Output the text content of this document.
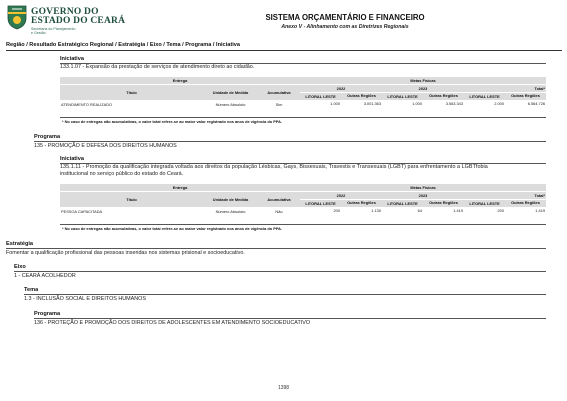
GOVERNO DO
ESTADO DO CEARÁ
Secretaria do Planejamento
e Gestão
SISTEMA ORÇAMENTÁRIO E FINANCEIRO
Anexo V - Alinhamento com as Diretrizes Regionais
Região / Resultado Estratégico Regional / Estratégia / Eixo / Tema / Programa / Iniciativa
Iniciativa
133.1.07 - Expansão da prestação de serviços de atendimento direto ao cidadão.
Entrega			Metas Físicas					
Título	Unidade de Medida	Acumulativa	2022		2023		Total*	
			LITORAL LESTE	Outras Regiões	LITORAL LESTE	Outras Regiões	LITORAL LESTE	Outras Regiões
ATENDIMENTO REALIZADO	Número Absoluto	Sim	1.000	3.001.363	1.000	3.563.343	2.000	6.564.726
* No caso de entregas não acumulativas, o valor total refere-se ao maior valor registrado nos anos de vigência do PPA.
Programa
135 - PROMOÇÃO E DEFESA DOS DIREITOS HUMANOS
Iniciativa
135.1.11 - Promoção da qualificação integrada voltada aos direitos da população Lésbicas, Gays, Bissexuais, Travestis e Transexuais (LGBT) para enfrentamento a LGBTfobia
institucional no serviço público do estado do Ceará.
Entrega			Metas Físicas					
Título	Unidade de Medida	Acumulativa	2022		2023		Total*	
			LITORAL LESTE	Outras Regiões	LITORAL LESTE	Outras Regiões	LITORAL LESTE	Outras Regiões
PESSOA CAPACITADA	Número Absoluto	Não	200	1.130	64	1.419	200	1.419
* No caso de entregas não acumulativas, o valor total refere-se ao maior valor registrado nos anos de vigência do PPA.
Estratégia
Fomentar a qualificação profissional das pessoas inseridas nos sistemas prisional e socioeducativo.
Eixo
1 - CEARÁ ACOLHEDOR
Tema
1.3 - INCLUSÃO SOCIAL E DIREITOS HUMANOS
Programa
136 - PROTEÇÃO E PROMOÇÃO DOS DIREITOS DE ADOLESCENTES EM ATENDIMENTO SOCIOEDUCATIVO
1398
